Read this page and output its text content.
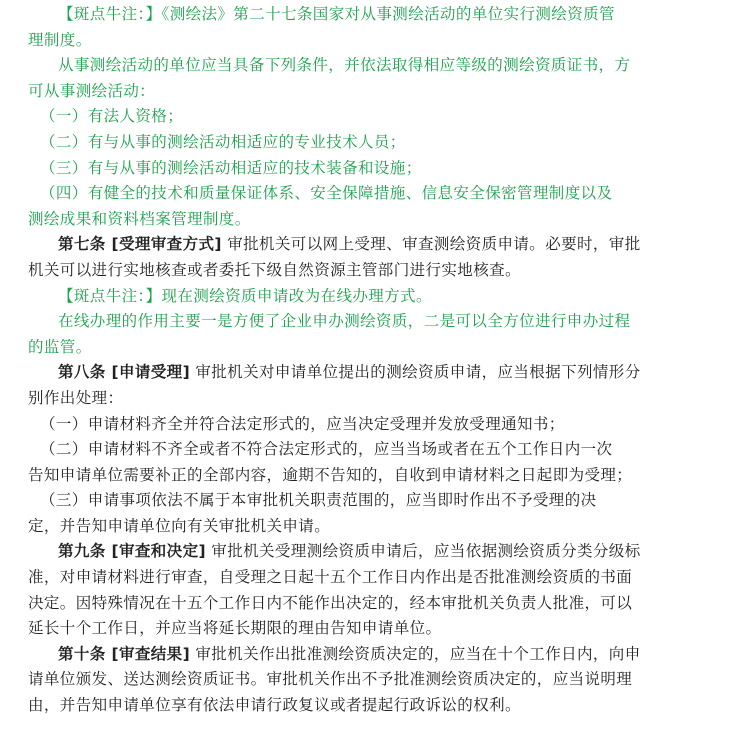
【斑点牛注：】《测绘法》第二十七条国家对从事测绘活动的单位实行测绘资质管
理制度。
从事测绘活动的单位应当具备下列条件，并依法取得相应等级的测绘资质证书，方
可从事测绘活动：
（一）有法人资格；
（二）有与从事的测绘活动相适应的专业技术人员；
（三）有与从事的测绘活动相适应的技术装备和设施；
（四）有健全的技术和质量保证体系、安全保障措施、信息安全保密管理制度以及
测绘成果和资料档案管理制度。
第七条 [受理审查方式] 审批机关可以网上受理、审查测绘资质申请。必要时，审批
机关可以进行实地核查或者委托下级自然资源主管部门进行实地核查。
【斑点牛注：】现在测绘资质申请改为在线办理方式。
在线办理的作用主要一是方便了企业申办测绘资质，二是可以全方位进行申办过程
的监管。
第八条 [申请受理] 审批机关对申请单位提出的测绘资质申请，应当根据下列情形分
别作出处理：
（一）申请材料齐全并符合法定形式的，应当决定受理并发放受理通知书；
（二）申请材料不齐全或者不符合法定形式的，应当当场或者在五个工作日内一次
告知申请单位需要补正的全部内容，逾期不告知的，自收到申请材料之日起即为受理；
（三）申请事项依法不属于本审批机关职责范围的，应当即时作出不予受理的决
定，并告知申请单位向有关审批机关申请。
第九条 [审查和决定] 审批机关受理测绘资质申请后，应当依据测绘资质分类分级标
准，对申请材料进行审查，自受理之日起十五个工作日内作出是否批准测绘资质的书面
决定。因特殊情况在十五个工作日内不能作出决定的，经本审批机关负责人批准，可以
延长十个工作日，并应当将延长期限的理由告知申请单位。
第十条 [审查结果] 审批机关作出批准测绘资质决定的，应当在十个工作日内，向申
请单位颁发、送达测绘资质证书。审批机关作出不予批准测绘资质决定的，应当说明理
由，并告知申请单位享有依法申请行政复议或者提起行政诉讼的权利。
